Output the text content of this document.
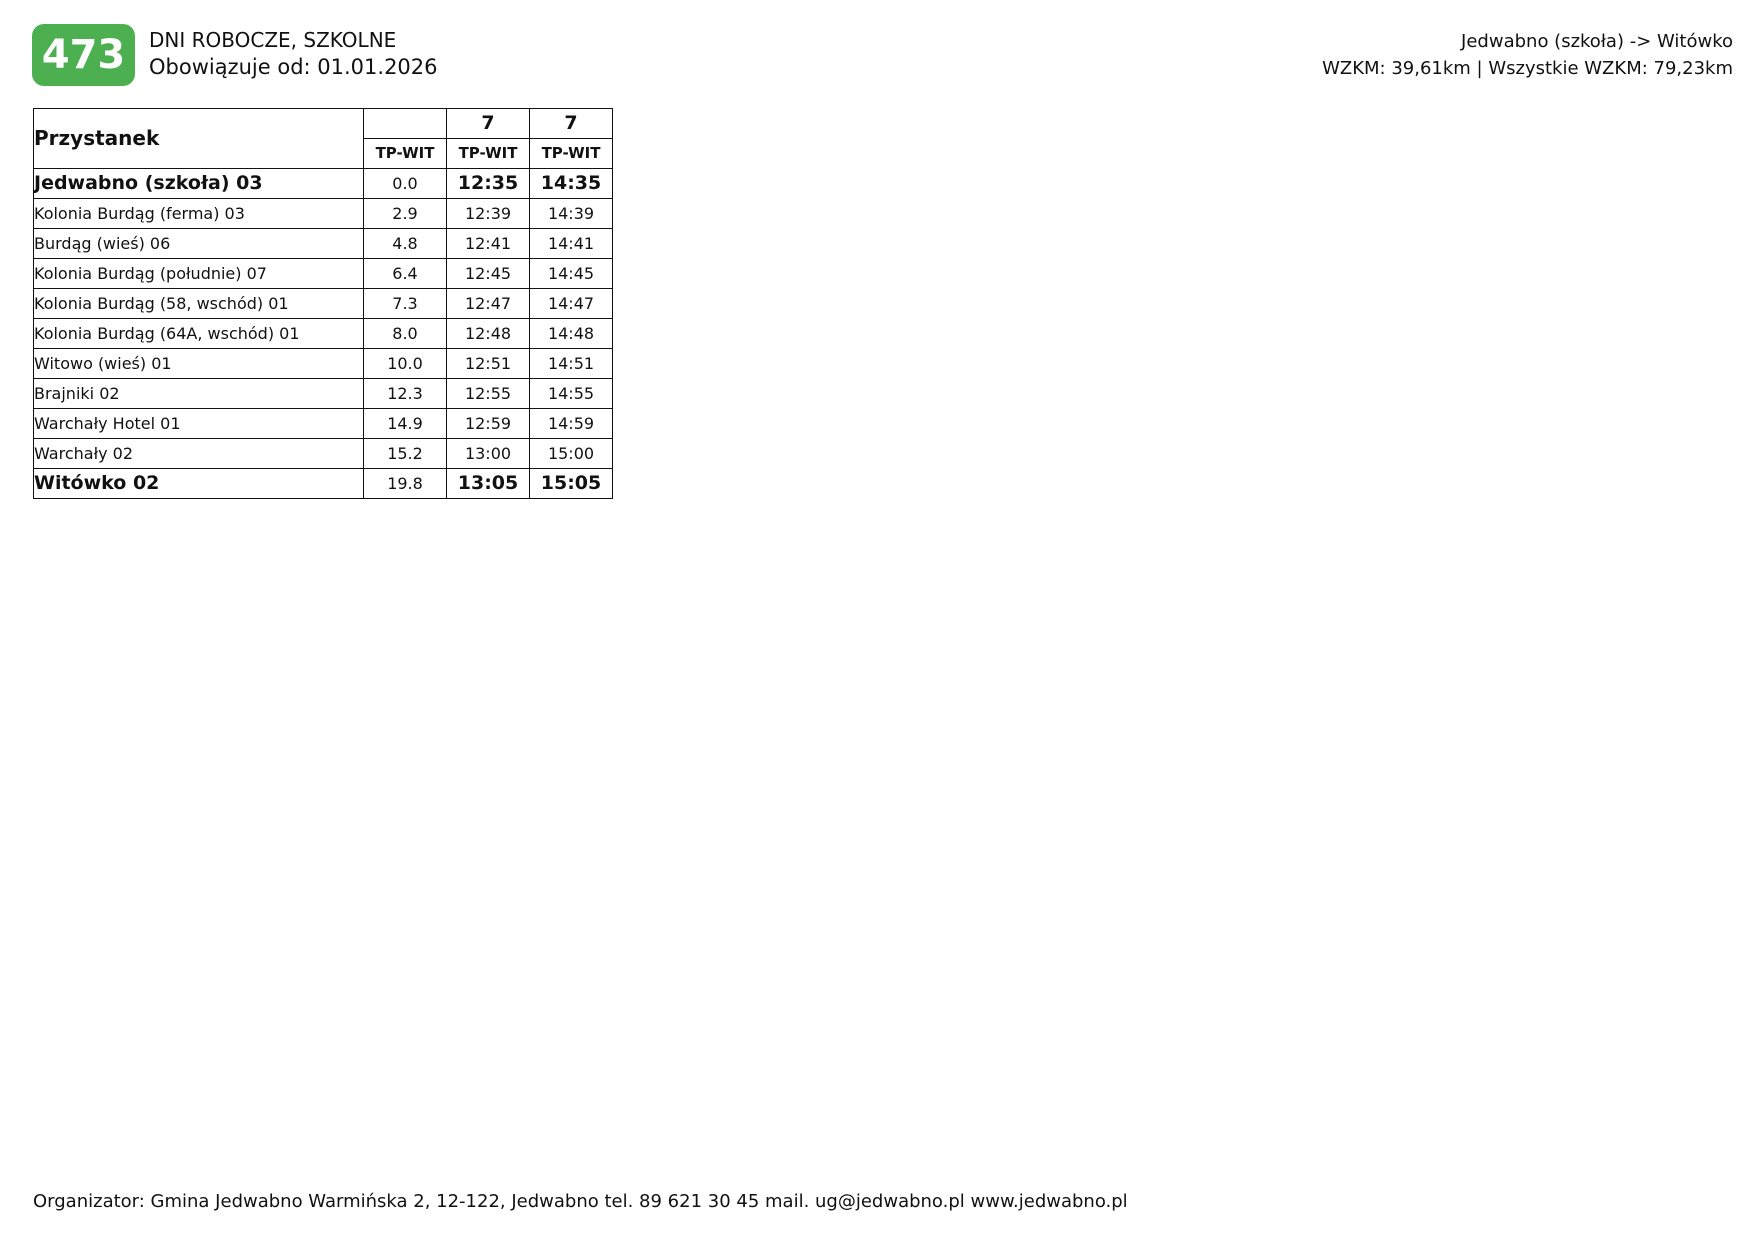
473	DNI ROBOCZE, SZKOLNE
Obowiązuje od: 01.01.2026
Jedwabno (szkoła) -> Witówko
WZKM: 39,61km | Wszystkie WZKM: 79,23km
Przystanek		7	7
	TP-WIT	TP-WIT	TP-WIT
Jedwabno (szkoła) 03	0.0	12:35	14:35
Kolonia Burdąg (ferma) 03	2.9	12:39	14:39
Burdąg (wieś) 06	4.8	12:41	14:41
Kolonia Burdąg (południe) 07	6.4	12:45	14:45
Kolonia Burdąg (58, wschód) 01	7.3	12:47	14:47
Kolonia Burdąg (64A, wschód) 01	8.0	12:48	14:48
Witowo (wieś) 01	10.0	12:51	14:51
Brajniki 02	12.3	12:55	14:55
Warchały Hotel 01	14.9	12:59	14:59
Warchały 02	15.2	13:00	15:00
Witówko 02	19.8	13:05	15:05
Organizator: Gmina Jedwabno Warmińska 2, 12-122, Jedwabno tel. 89 621 30 45 mail. ug@jedwabno.pl www.jedwabno.pl
